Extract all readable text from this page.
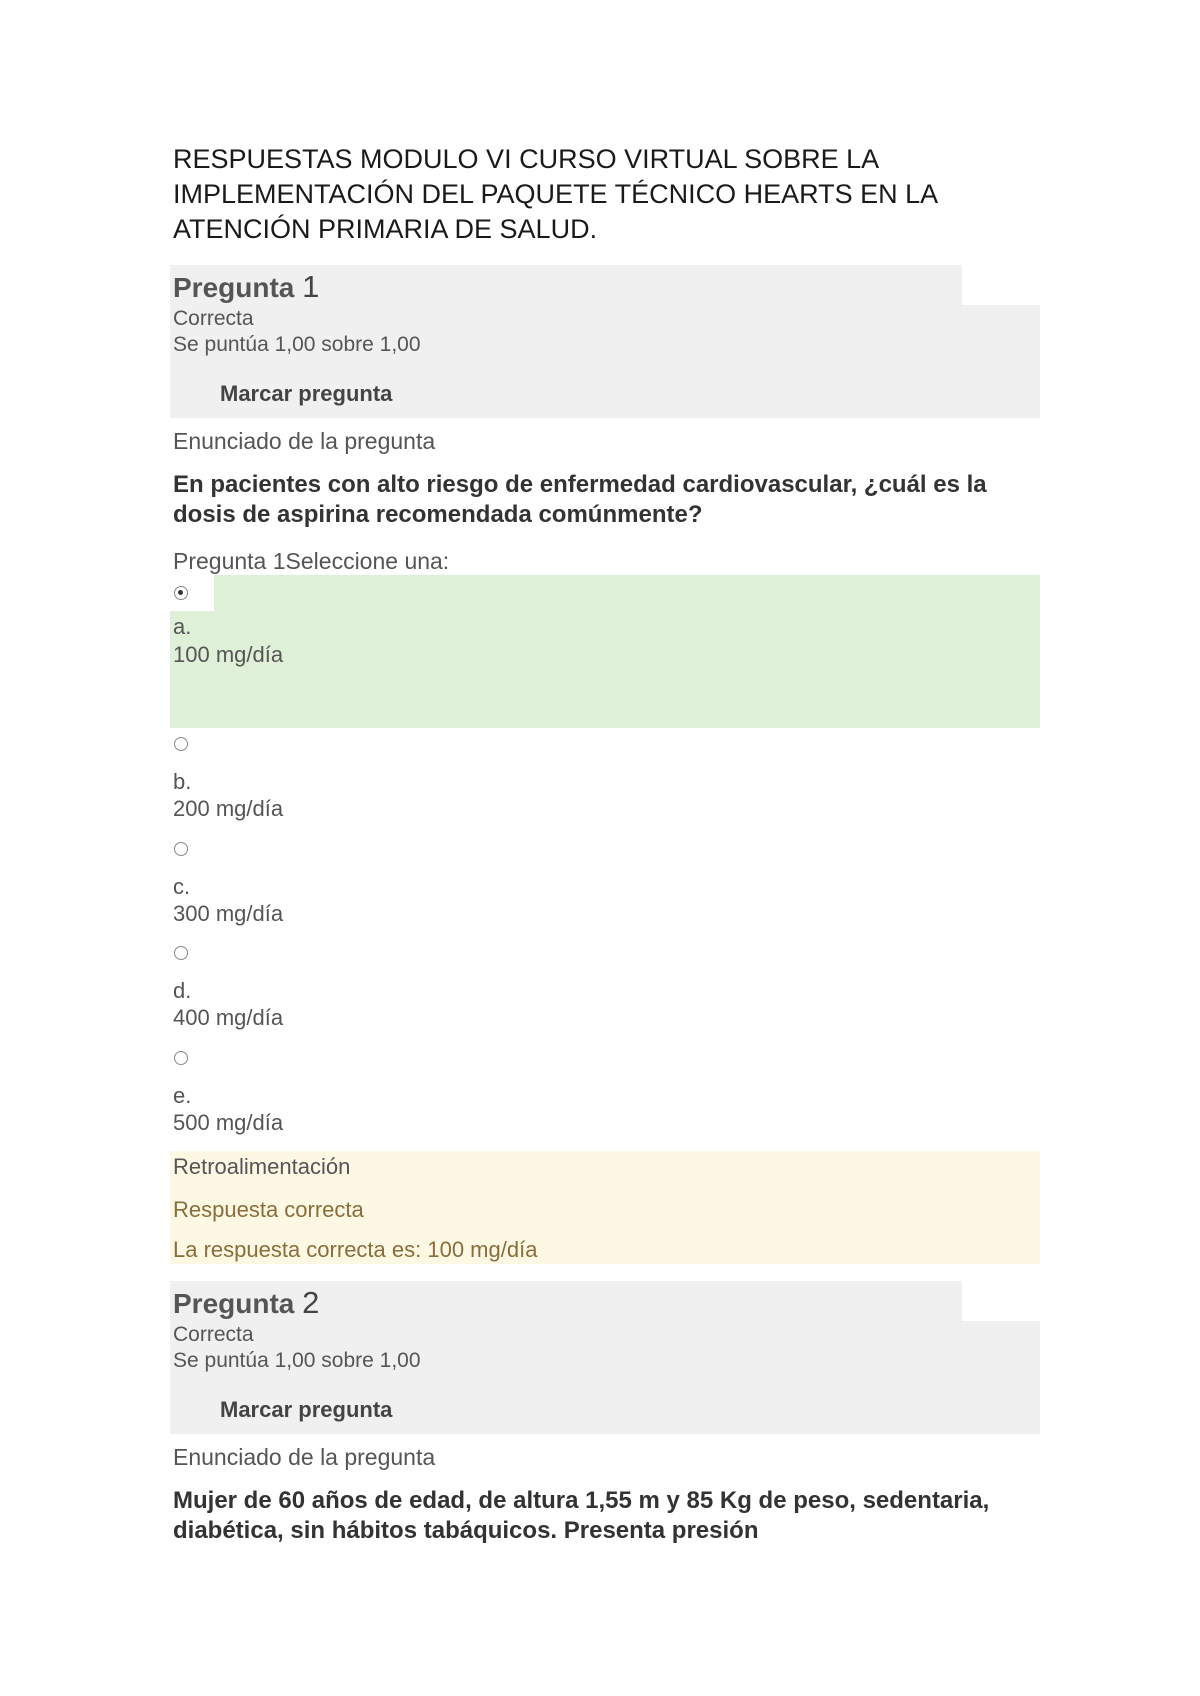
RESPUESTAS MODULO VI CURSO VIRTUAL SOBRE LA IMPLEMENTACIÓN DEL PAQUETE TÉCNICO HEARTS EN LA ATENCIÓN PRIMARIA DE SALUD.
Pregunta 1
Correcta
Se puntúa 1,00 sobre 1,00
Marcar pregunta
Enunciado de la pregunta
En pacientes con alto riesgo de enfermedad cardiovascular, ¿cuál es la dosis de aspirina recomendada comúnmente?
Pregunta 1Seleccione una:
a.
100 mg/día
b.
200 mg/día
c.
300 mg/día
d.
400 mg/día
e.
500 mg/día
Retroalimentación
Respuesta correcta
La respuesta correcta es: 100 mg/día
Pregunta 2
Correcta
Se puntúa 1,00 sobre 1,00
Marcar pregunta
Enunciado de la pregunta
Mujer de 60 años de edad, de altura 1,55 m y 85 Kg de peso, sedentaria, diabética, sin hábitos tabáquicos. Presenta presión
